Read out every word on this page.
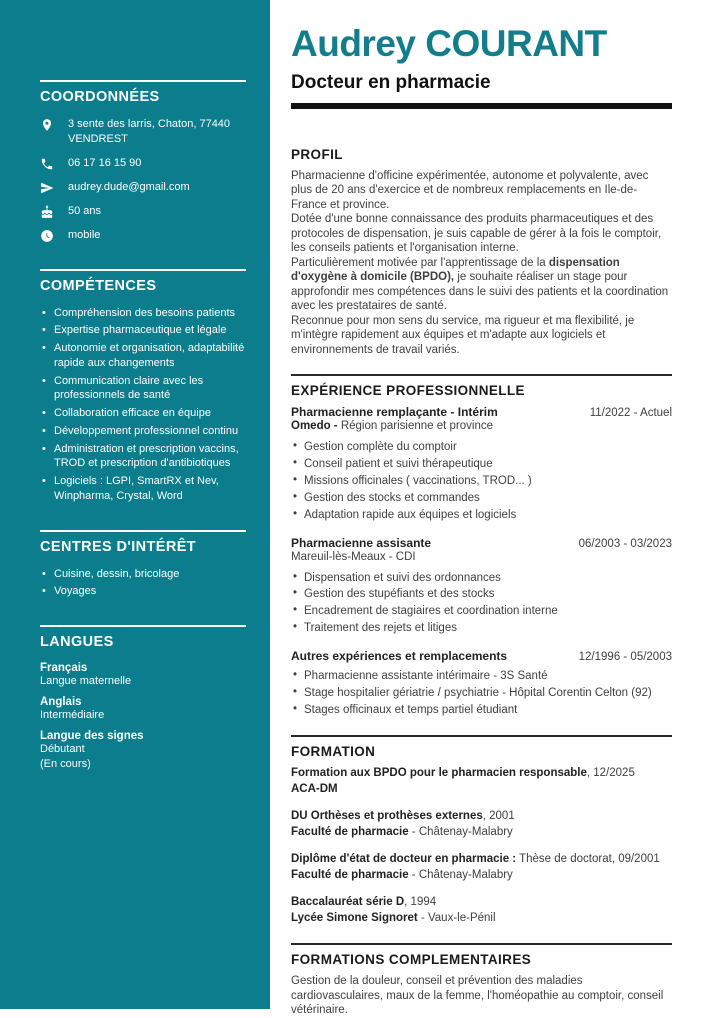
COORDONNÉES
3 sente des larris, Chaton, 77440 VENDREST
06 17 16 15 90
audrey.dude@gmail.com
50 ans
mobile
COMPÉTENCES
• Compréhension des besoins patients
• Expertise pharmaceutique et légale
• Autonomie et organisation, adaptabilité rapide aux changements
• Communication claire avec les professionnels de santé
• Collaboration efficace en équipe
• Développement professionnel continu
• Administration et prescription vaccins, TROD et prescription d'antibiotiques
• Logiciels : LGPI, SmartRX et Nev, Winpharma, Crystal, Word
CENTRES D'INTÉRÊT
• Cuisine, dessin, bricolage
• Voyages
LANGUES
Français
Langue maternelle
Anglais
Intermédiaire
Langue des signes
Débutant
(En cours)
Audrey COURANT
Docteur en pharmacie
PROFIL

Pharmacienne d'officine expérimentée, autonome et polyvalente, avec plus de 20 ans d'exercice et de nombreux remplacements en Ile-de-France et province.

Dotée d'une bonne connaissance des produits pharmaceutiques et des protocoles de dispensation, je suis capable de gérer à la fois le comptoir, les conseils patients et l'organisation interne.

Particulièrement motivée par l'apprentissage de la dispensation d'oxygène à domicile (BPDO), je souhaite réaliser un stage pour approfondir mes compétences dans le suivi des patients et la coordination avec les prestataires de santé.

Reconnue pour mon sens du service, ma rigueur et ma flexibilité, je m'intègre rapidement aux équipes et m'adapte aux logiciels et environnements de travail variés.

EXPÉRIENCE PROFESSIONNELLE
Pharmacienne remplaçante - Intérim	11/2022 - Actuel
Omedo - Région parisienne et province
• Gestion complète du comptoir
• Conseil patient et suivi thérapeutique
• Missions officinales ( vaccinations, TROD... )
• Gestion des stocks et commandes
• Adaptation rapide aux équipes et logiciels
Pharmacienne assisante	06/2003 - 03/2023
Mareuil-lès-Meaux - CDI
• Dispensation et suivi des ordonnances
• Gestion des stupéfiants et des stocks
• Encadrement de stagiaires et coordination interne
• Traitement des rejets et litiges
Autres expériences et remplacements	12/1996 - 05/2003
• Pharmacienne assistante intérimaire - 3S Santé
• Stage hospitalier gériatrie / psychiatrie - Hôpital Corentin Celton (92)
• Stages officinaux et temps partiel étudiant
FORMATION
Formation aux BPDO pour le pharmacien responsable, 12/2025
ACA-DM
DU Orthèses et prothèses externes, 2001
Faculté de pharmacie - Châtenay-Malabry
Diplôme d'état de docteur en pharmacie : Thèse de doctorat, 09/2001
Faculté de pharmacie - Châtenay-Malabry
Baccalauréat série D, 1994
Lycée Simone Signoret - Vaux-le-Pénil
FORMATIONS COMPLEMENTAIRES
Gestion de la douleur, conseil et prévention des maladies cardiovasculaires, maux de la femme, l'homéopathie au comptoir, conseil vétérinaire.
